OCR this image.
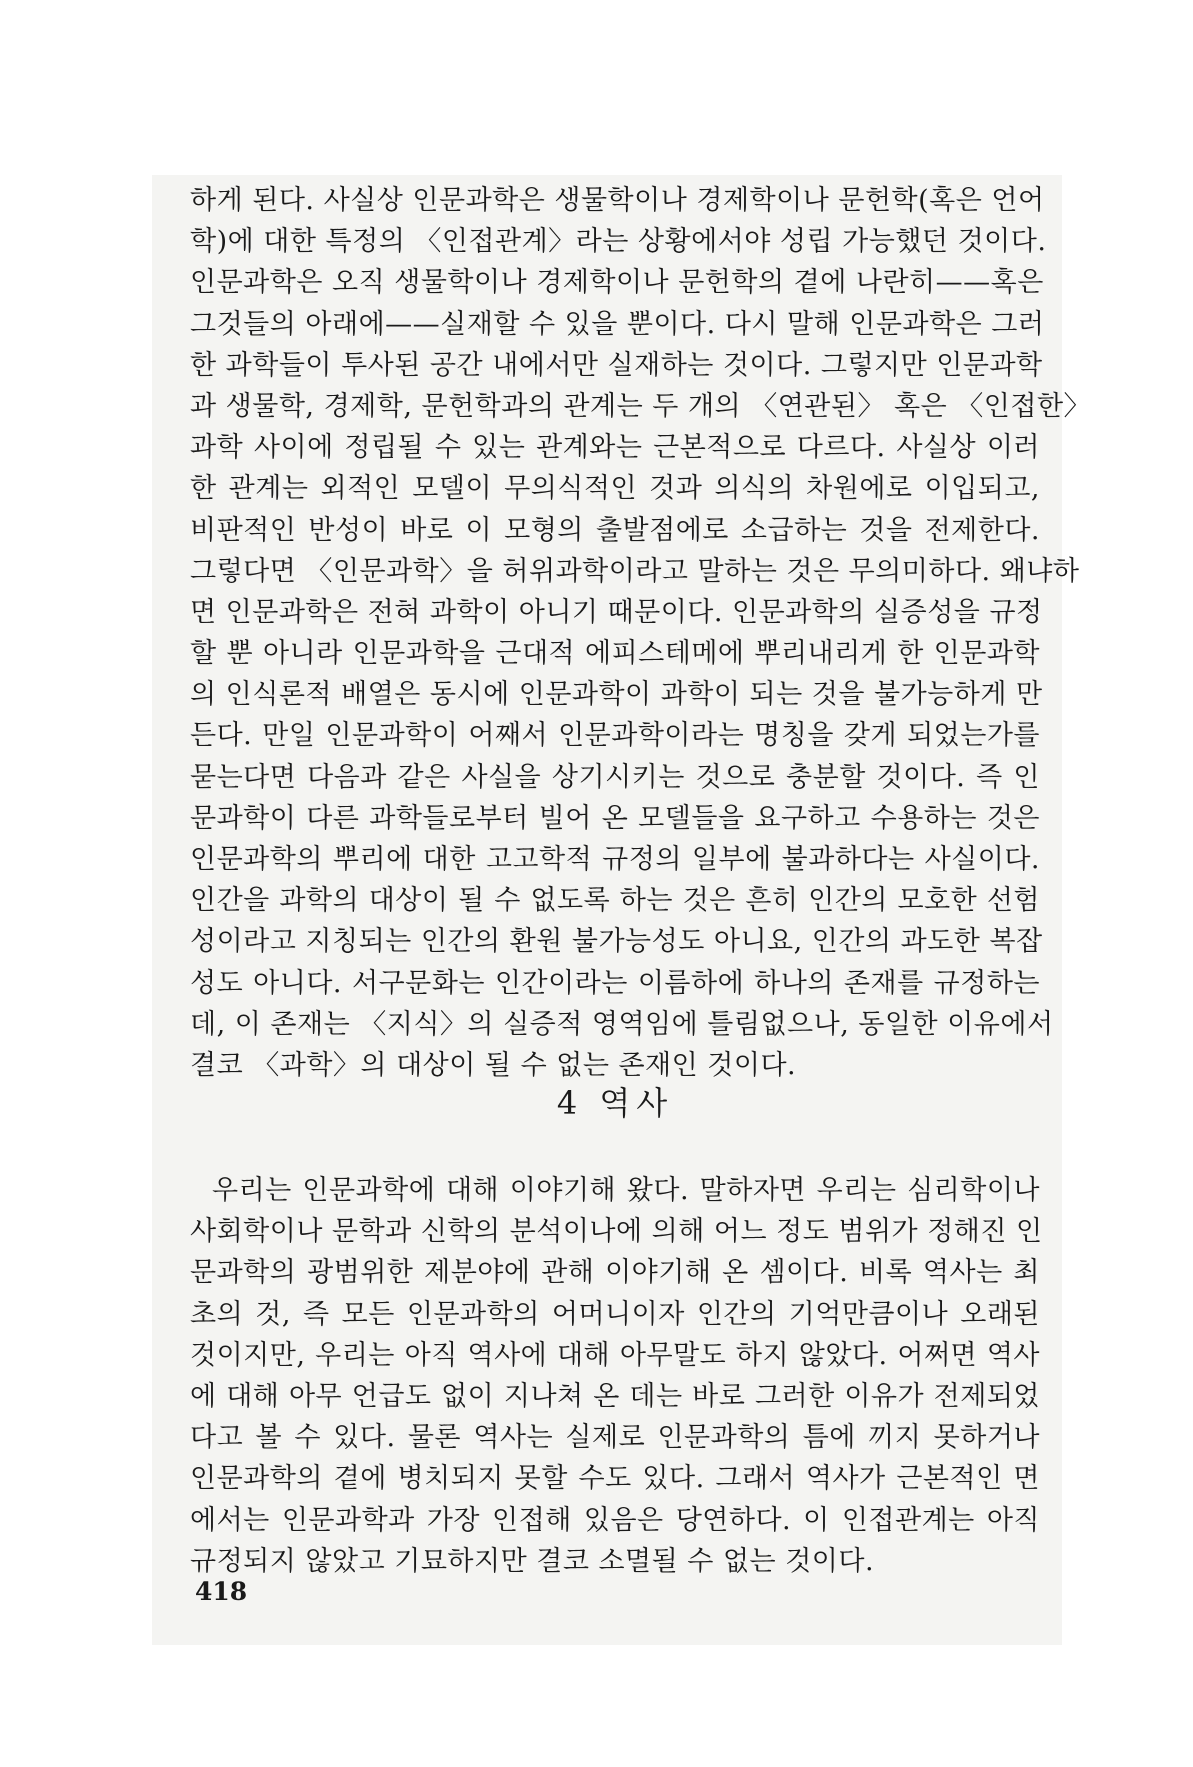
하게 된다. 사실상 인문과학은 생물학이나 경제학이나 문헌학(혹은 언어
학)에 대한 특정의 〈인접관계〉라는 상황에서야 성립 가능했던 것이다.
인문과학은 오직 생물학이나 경제학이나 문헌학의 곁에 나란히——혹은
그것들의 아래에——실재할 수 있을 뿐이다. 다시 말해 인문과학은 그러
한 과학들이 투사된 공간 내에서만 실재하는 것이다. 그렇지만 인문과학
과 생물학, 경제학, 문헌학과의 관계는 두 개의 〈연관된〉 혹은 〈인접한〉
과학 사이에 정립될 수 있는 관계와는 근본적으로 다르다. 사실상 이러
한 관계는 외적인 모델이 무의식적인 것과 의식의 차원에로 이입되고,
비판적인 반성이 바로 이 모형의 출발점에로 소급하는 것을 전제한다.
그렇다면 〈인문과학〉을 허위과학이라고 말하는 것은 무의미하다. 왜냐하
면 인문과학은 전혀 과학이 아니기 때문이다. 인문과학의 실증성을 규정
할 뿐 아니라 인문과학을 근대적 에피스테메에 뿌리내리게 한 인문과학
의 인식론적 배열은 동시에 인문과학이 과학이 되는 것을 불가능하게 만
든다. 만일 인문과학이 어째서 인문과학이라는 명칭을 갖게 되었는가를
묻는다면 다음과 같은 사실을 상기시키는 것으로 충분할 것이다. 즉 인
문과학이 다른 과학들로부터 빌어 온 모델들을 요구하고 수용하는 것은
인문과학의 뿌리에 대한 고고학적 규정의 일부에 불과하다는 사실이다.
인간을 과학의 대상이 될 수 없도록 하는 것은 흔히 인간의 모호한 선험
성이라고 지칭되는 인간의 환원 불가능성도 아니요, 인간의 과도한 복잡
성도 아니다. 서구문화는 인간이라는 이름하에 하나의 존재를 규정하는
데, 이 존재는 〈지식〉의 실증적 영역임에 틀림없으나, 동일한 이유에서
결코 〈과학〉의 대상이 될 수 없는 존재인 것이다.
4 역사
우리는 인문과학에 대해 이야기해 왔다. 말하자면 우리는 심리학이나
사회학이나 문학과 신학의 분석이나에 의해 어느 정도 범위가 정해진 인
문과학의 광범위한 제분야에 관해 이야기해 온 셈이다. 비록 역사는 최
초의 것, 즉 모든 인문과학의 어머니이자 인간의 기억만큼이나 오래된
것이지만, 우리는 아직 역사에 대해 아무말도 하지 않았다. 어쩌면 역사
에 대해 아무 언급도 없이 지나쳐 온 데는 바로 그러한 이유가 전제되었
다고 볼 수 있다. 물론 역사는 실제로 인문과학의 틈에 끼지 못하거나
인문과학의 곁에 병치되지 못할 수도 있다. 그래서 역사가 근본적인 면
에서는 인문과학과 가장 인접해 있음은 당연하다. 이 인접관계는 아직
규정되지 않았고 기묘하지만 결코 소멸될 수 없는 것이다.
418
